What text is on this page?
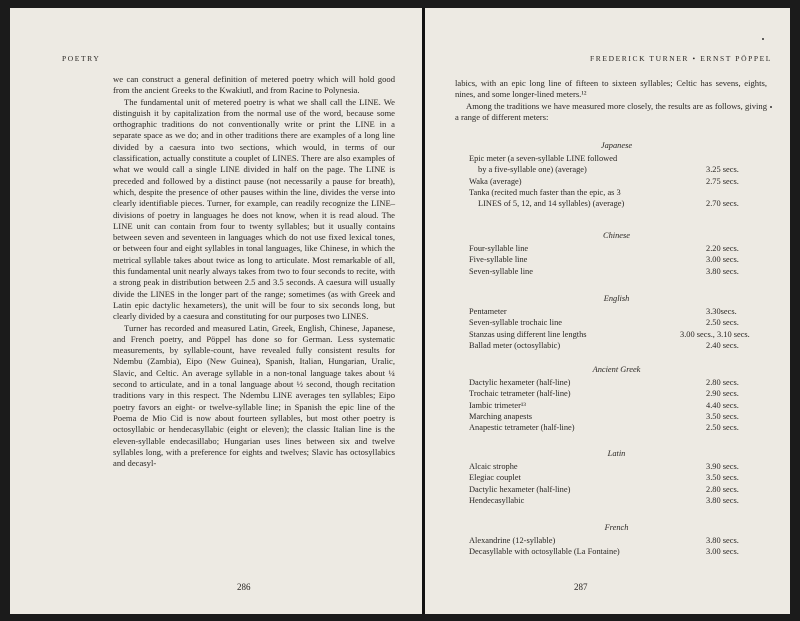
POETRY

we can construct a general definition of metered poetry which will hold good from the ancient Greeks to the Kwakiutl, and from Racine to Polynesia.

The fundamental unit of metered poetry is what we shall call the LINE. We distinguish it by capitalization from the normal use of the word, because some orthographic traditions do not conventionally write or print the LINE in a separate space as we do; and in other traditions there are examples of a long line divided by a caesura into two sections, which would, in terms of our classification, actually constitute a couplet of LINES. There are also examples of what we would call a single LINE divided in half on the page. The LINE is preceded and followed by a distinct pause (not necessarily a pause for breath), which, despite the presence of other pauses within the line, divides the verse into clearly identifiable pieces. Turner, for example, can readily recognize the LINE–divisions of poetry in languages he does not know, when it is read aloud. The LINE unit can contain from four to twenty syllables; but it usually contains between seven and seventeen in languages which do not use fixed lexical tones, or between four and eight syllables in tonal languages, like Chinese, in which the metrical syllable takes about twice as long to articulate. Most remarkable of all, this fundamental unit nearly always takes from two to four seconds to recite, with a strong peak in distribution between 2.5 and 3.5 seconds. A caesura will usually divide the LINES in the longer part of the range; sometimes (as with Greek and Latin epic dactylic hexameters), the unit will be four to six seconds long, but clearly divided by a caesura and constituting for our purposes two LINES.

Turner has recorded and measured Latin, Greek, English, Chinese, Japanese, and French poetry, and Pöppel has done so for German. Less systematic measurements, by syllable-count, have revealed fully consistent results for Ndembu (Zambia), Eipo (New Guinea), Spanish, Italian, Hungarian, Uralic, Slavic, and Celtic. An average syllable in a non-tonal language takes about ¼ second to articulate, and in a tonal language about ½ second, though recitation traditions vary in this respect. The Ndembu LINE averages ten syllables; Eipo poetry favors an eight- or twelve-syllable line; in Spanish the epic line of the Poema de Mio Cid is now about fourteen syllables, but most other poetry is octosyllabic or hendecasyllabic (eight or eleven); the classic Italian line is the eleven-syllable endecasillabo; Hungarian uses lines between six and twelve syllables long, with a preference for eights and twelves; Slavic has octosyllabics and decasyl-

286
FREDERICK TURNER • ERNST PÖPPEL

labics, with an epic long line of fifteen to sixteen syllables; Celtic has sevens, eights, nines, and some longer-lined meters.¹²

Among the traditions we have measured more closely, the results are as follows, giving a range of different meters:

Japanese
Epic meter (a seven-syllable LINE followed
by a five-syllable one) (average)	3.25 secs.
Waka (average)	2.75 secs.
Tanka (recited much faster than the epic, as 3
LINES of 5, 12, and 14 syllables) (average)	2.70 secs.
Chinese
Four-syllable line	2.20 secs.
Five-syllable line	3.00 secs.
Seven-syllable line	3.80 secs.
English
Pentameter	3.30secs.
Seven-syllable trochaic line	2.50 secs.
Stanzas using different line lengths	3.00 secs., 3.10 secs.
Ballad meter (octosyllabic)	2.40 secs.
Ancient Greek
Dactylic hexameter (half-line)	2.80 secs.
Trochaic tetrameter (half-line)	2.90 secs.
Iambic trimeter¹³	4.40 secs.
Marching anapests	3.50 secs.
Anapestic tetrameter (half-line)	2.50 secs.
Latin
Alcaic strophe	3.90 secs.
Elegiac couplet	3.50 secs.
Dactylic hexameter (half-line)	2.80 secs.
Hendecasyllabic	3.80 secs.
French
Alexandrine (12-syllable)	3.80 secs.
Decasyllable with octosyllable (La Fontaine)	3.00 secs.
287
